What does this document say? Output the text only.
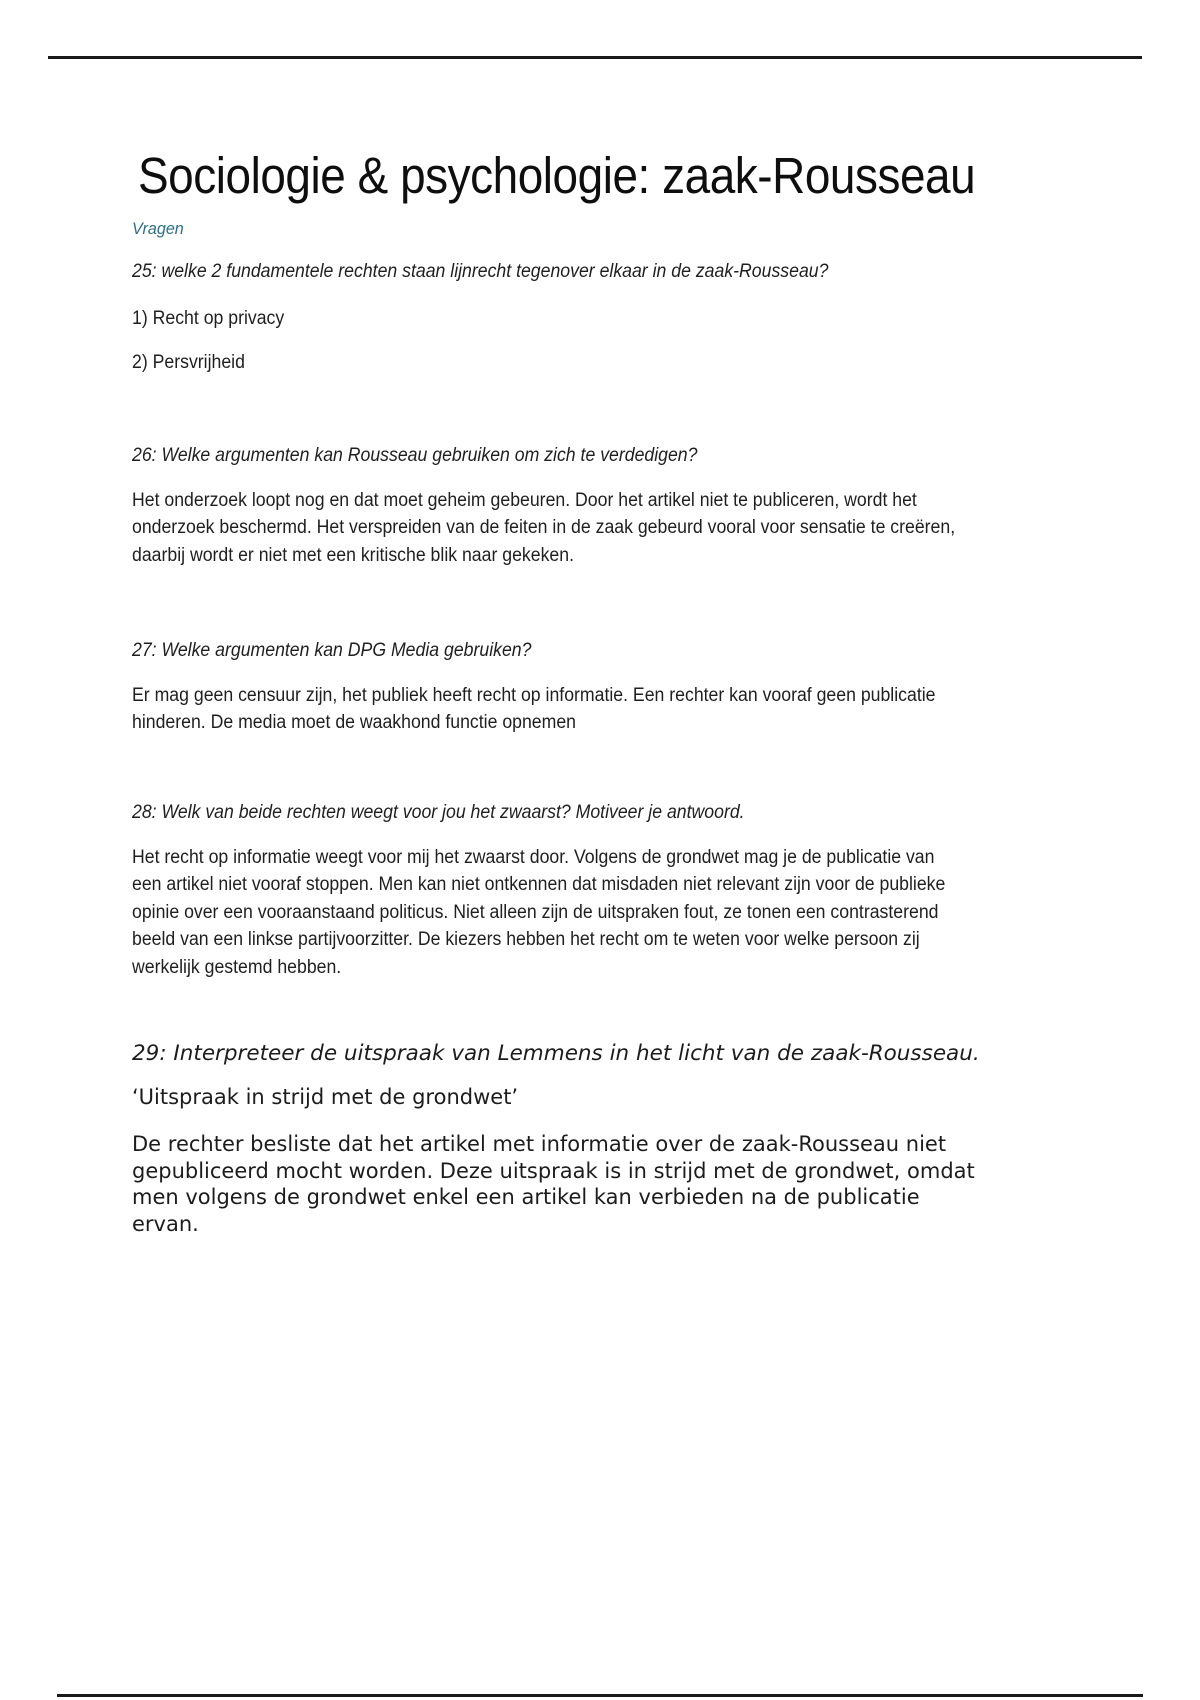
Sociologie & psychologie: zaak-Rousseau
Vragen
25: welke 2 fundamentele rechten staan lijnrecht tegenover elkaar in de zaak-Rousseau?
1) Recht op privacy
2) Persvrijheid
26: Welke argumenten kan Rousseau gebruiken om zich te verdedigen?
Het onderzoek loopt nog en dat moet geheim gebeuren. Door het artikel niet te publiceren, wordt het onderzoek beschermd. Het verspreiden van de feiten in de zaak gebeurd vooral voor sensatie te creëren, daarbij wordt er niet met een kritische blik naar gekeken.
27: Welke argumenten kan DPG Media gebruiken?
Er mag geen censuur zijn, het publiek heeft recht op informatie. Een rechter kan vooraf geen publicatie hinderen. De media moet de waakhond functie opnemen
28: Welk van beide rechten weegt voor jou het zwaarst? Motiveer je antwoord.
Het recht op informatie weegt voor mij het zwaarst door. Volgens de grondwet mag je de publicatie van een artikel niet vooraf stoppen. Men kan niet ontkennen dat misdaden niet relevant zijn voor de publieke opinie over een vooraanstaand politicus. Niet alleen zijn de uitspraken fout, ze tonen een contrasterend beeld van een linkse partijvoorzitter. De kiezers hebben het recht om te weten voor welke persoon zij werkelijk gestemd hebben.
29: Interpreteer de uitspraak van Lemmens in het licht van de zaak-Rousseau.
‘Uitspraak in strijd met de grondwet’
De rechter besliste dat het artikel met informatie over de zaak-Rousseau niet gepubliceerd mocht worden. Deze uitspraak is in strijd met de grondwet, omdat men volgens de grondwet enkel een artikel kan verbieden na de publicatie ervan.
